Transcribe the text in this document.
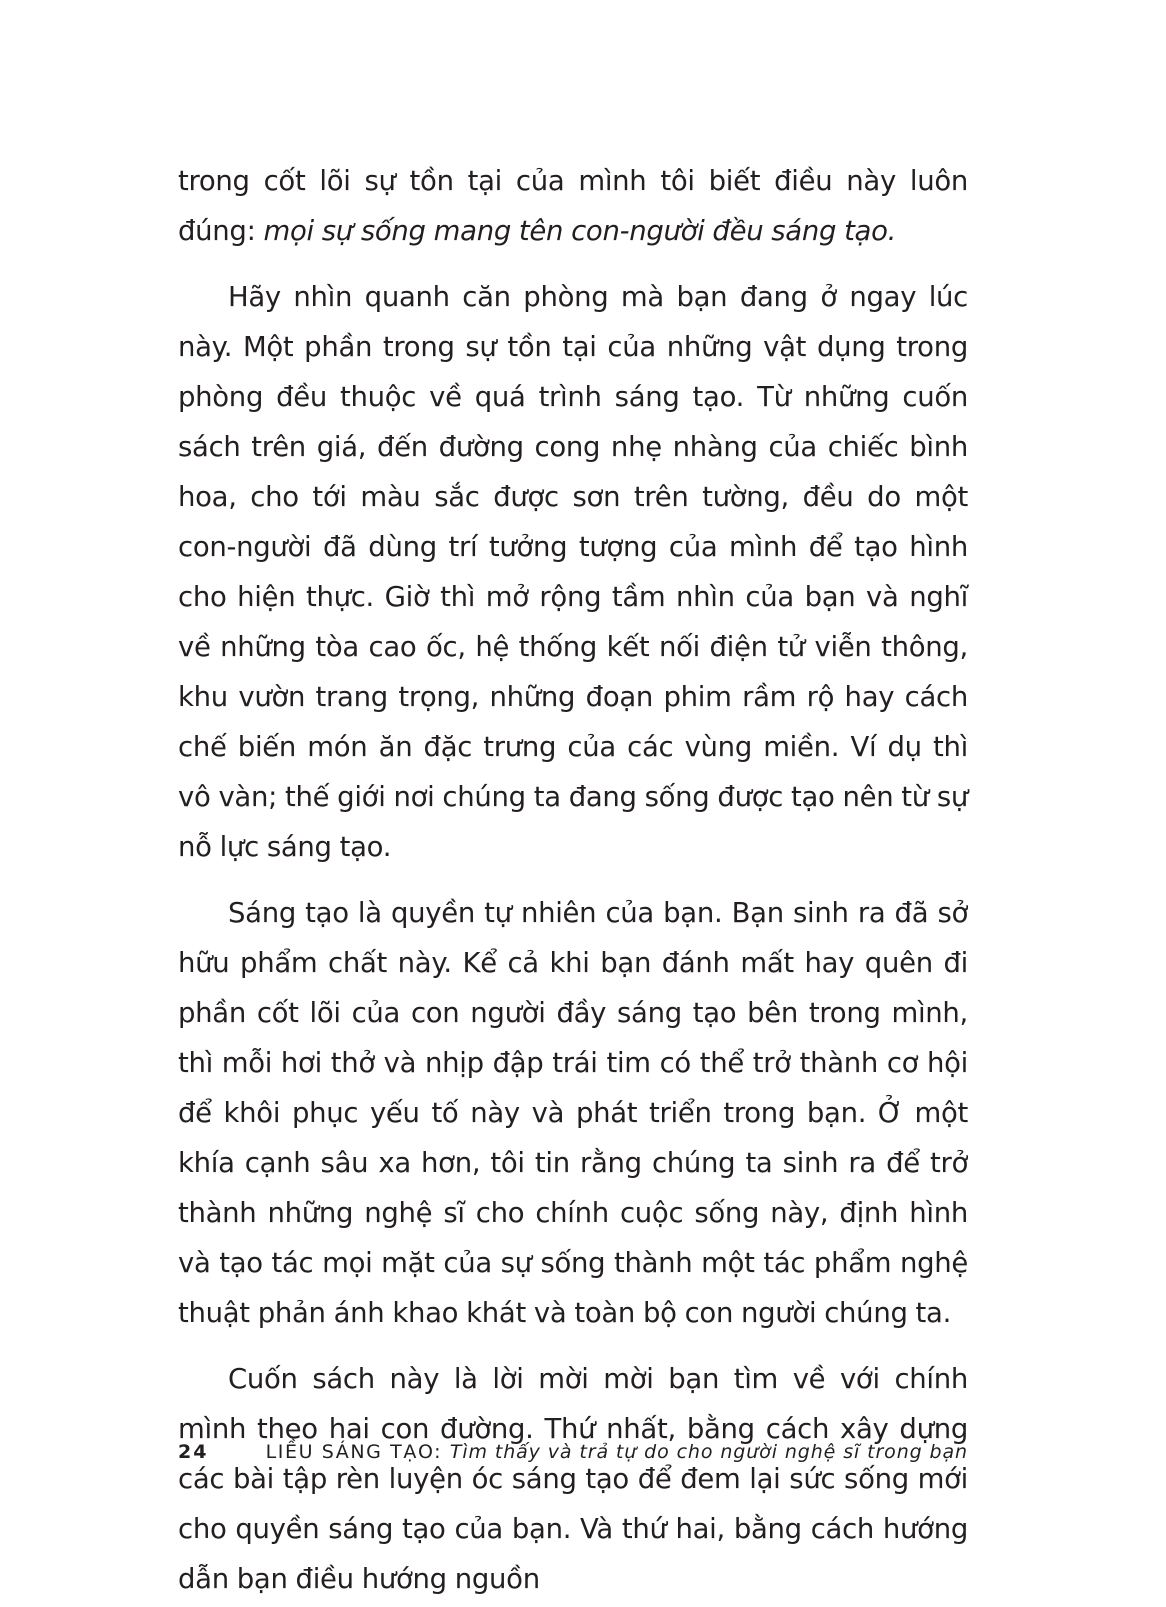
trong cốt lõi sự tồn tại của mình tôi biết điều này luôn đúng: mọi sự sống mang tên con-người đều sáng tạo.

Hãy nhìn quanh căn phòng mà bạn đang ở ngay lúc này. Một phần trong sự tồn tại của những vật dụng trong phòng đều thuộc về quá trình sáng tạo. Từ những cuốn sách trên giá, đến đường cong nhẹ nhàng của chiếc bình hoa, cho tới màu sắc được sơn trên tường, đều do một con-người đã dùng trí tưởng tượng của mình để tạo hình cho hiện thực. Giờ thì mở rộng tầm nhìn của bạn và nghĩ về những tòa cao ốc, hệ thống kết nối điện tử viễn thông, khu vườn trang trọng, những đoạn phim rầm rộ hay cách chế biến món ăn đặc trưng của các vùng miền. Ví dụ thì vô vàn; thế giới nơi chúng ta đang sống được tạo nên từ sự nỗ lực sáng tạo.

Sáng tạo là quyền tự nhiên của bạn. Bạn sinh ra đã sở hữu phẩm chất này. Kể cả khi bạn đánh mất hay quên đi phần cốt lõi của con người đầy sáng tạo bên trong mình, thì mỗi hơi thở và nhịp đập trái tim có thể trở thành cơ hội để khôi phục yếu tố này và phát triển trong bạn. Ở một khía cạnh sâu xa hơn, tôi tin rằng chúng ta sinh ra để trở thành những nghệ sĩ cho chính cuộc sống này, định hình và tạo tác mọi mặt của sự sống thành một tác phẩm nghệ thuật phản ánh khao khát và toàn bộ con người chúng ta.

Cuốn sách này là lời mời mời bạn tìm về với chính mình theo hai con đường. Thứ nhất, bằng cách xây dựng các bài tập rèn luyện óc sáng tạo để đem lại sức sống mới cho quyền sáng tạo của bạn. Và thứ hai, bằng cách hướng dẫn bạn điều hướng nguồn

24	LIỀU SÁNG TẠO: Tìm thấy và trả tự do cho người nghệ sĩ trong bạn
